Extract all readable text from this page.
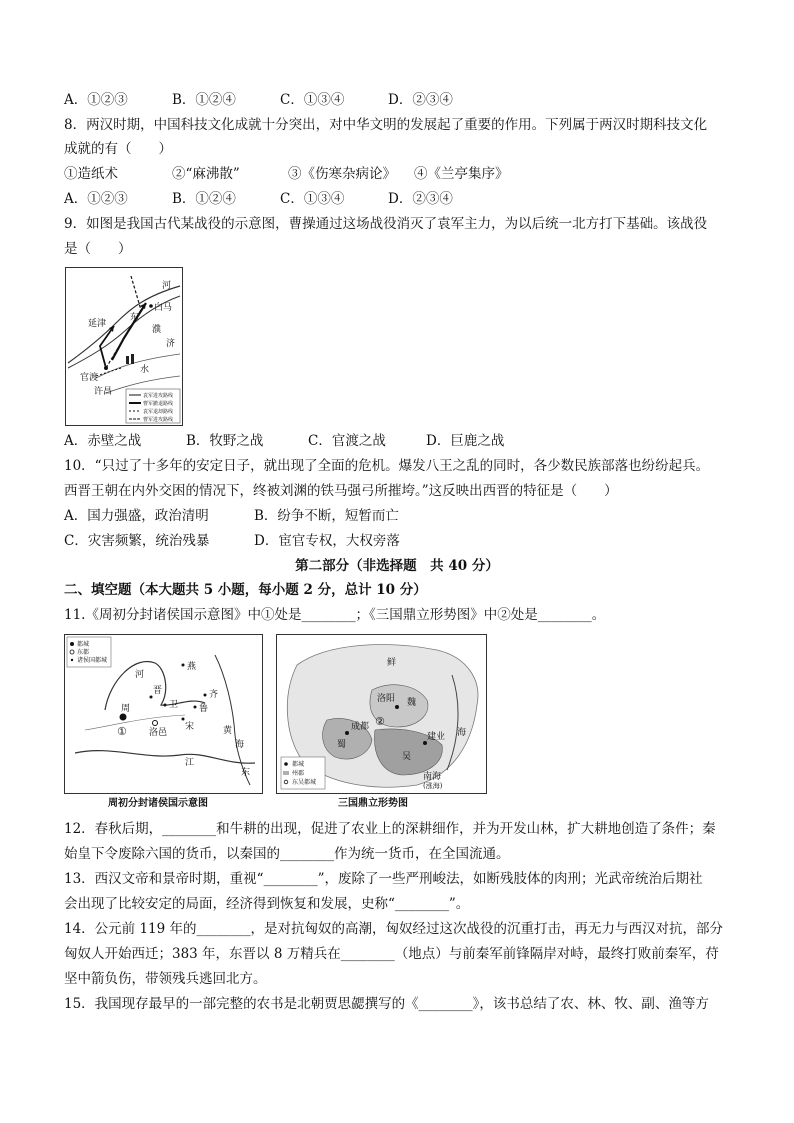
A．①②③	B．①②④	C．①③④	D．②③④
8．两汉时期，中国科技文化成就十分突出，对中华文明的发展起了重要的作用。下列属于两汉时期科技文化
成就的有（　　）
①造纸术	②“麻沸散”	③《伤寒杂病论》 ④《兰亭集序》
A．①②③	B．①②④	C．①③④	D．②③④
9．如图是我国古代某战役的示意图，曹操通过这场战役消灭了袁军主力，为以后统一北方打下基础。该战役
是（　　）
白马
延津
河
济
水
官渡
许昌
东
濮
袁军进攻路线
曹军撤退路线
袁军退却路线
曹军进攻路线
A．赤壁之战	B．牧野之战	C．官渡之战	D．巨鹿之战
10．“只过了十多年的安定日子，就出现了全面的危机。爆发八王之乱的同时，各少数民族部落也纷纷起兵。
西晋王朝在内外交困的情况下，终被刘渊的铁马强弓所摧垮。”这反映出西晋的特征是（　　）
A．国力强盛，政治清明	B．纷争不断，短暂而亡
C．灾害频繁，统治残暴	D．宦官专权，大权旁落
第二部分（非选择题　共 40 分）
二、填空题（本大题共 5 小题，每小题 2 分，总计 10 分）
11.《周初分封诸侯国示意图》中①处是________；《三国鼎立形势图》中②处是________。
周
洛邑
燕
齐
鲁
卫
宋
晋
黄
海
东
河
江
①
都城
东都
诸侯国都城
周初分封诸侯国示意图
鲜
魏
蜀
吴
成都
洛阳
建业 海
南海
(涨海)
②
都城
州郡
东吴都城
三国鼎立形势图
12．春秋后期，________和牛耕的出现，促进了农业上的深耕细作，并为开发山林，扩大耕地创造了条件；秦
始皇下令废除六国的货币，以秦国的________作为统一货币，在全国流通。
13．西汉文帝和景帝时期，重视“________”，废除了一些严刑峻法，如断残肢体的肉刑；光武帝统治后期社
会出现了比较安定的局面，经济得到恢复和发展，史称“________”。
14．公元前 119 年的________，是对抗匈奴的高潮，匈奴经过这次战役的沉重打击，再无力与西汉对抗，部分
匈奴人开始西迁；383 年，东晋以 8 万精兵在________（地点）与前秦军前锋隔岸对峙，最终打败前秦军，苻
坚中箭负伤，带领残兵逃回北方。
15．我国现存最早的一部完整的农书是北朝贾思勰撰写的《________》，该书总结了农、林、牧、副、渔等方
